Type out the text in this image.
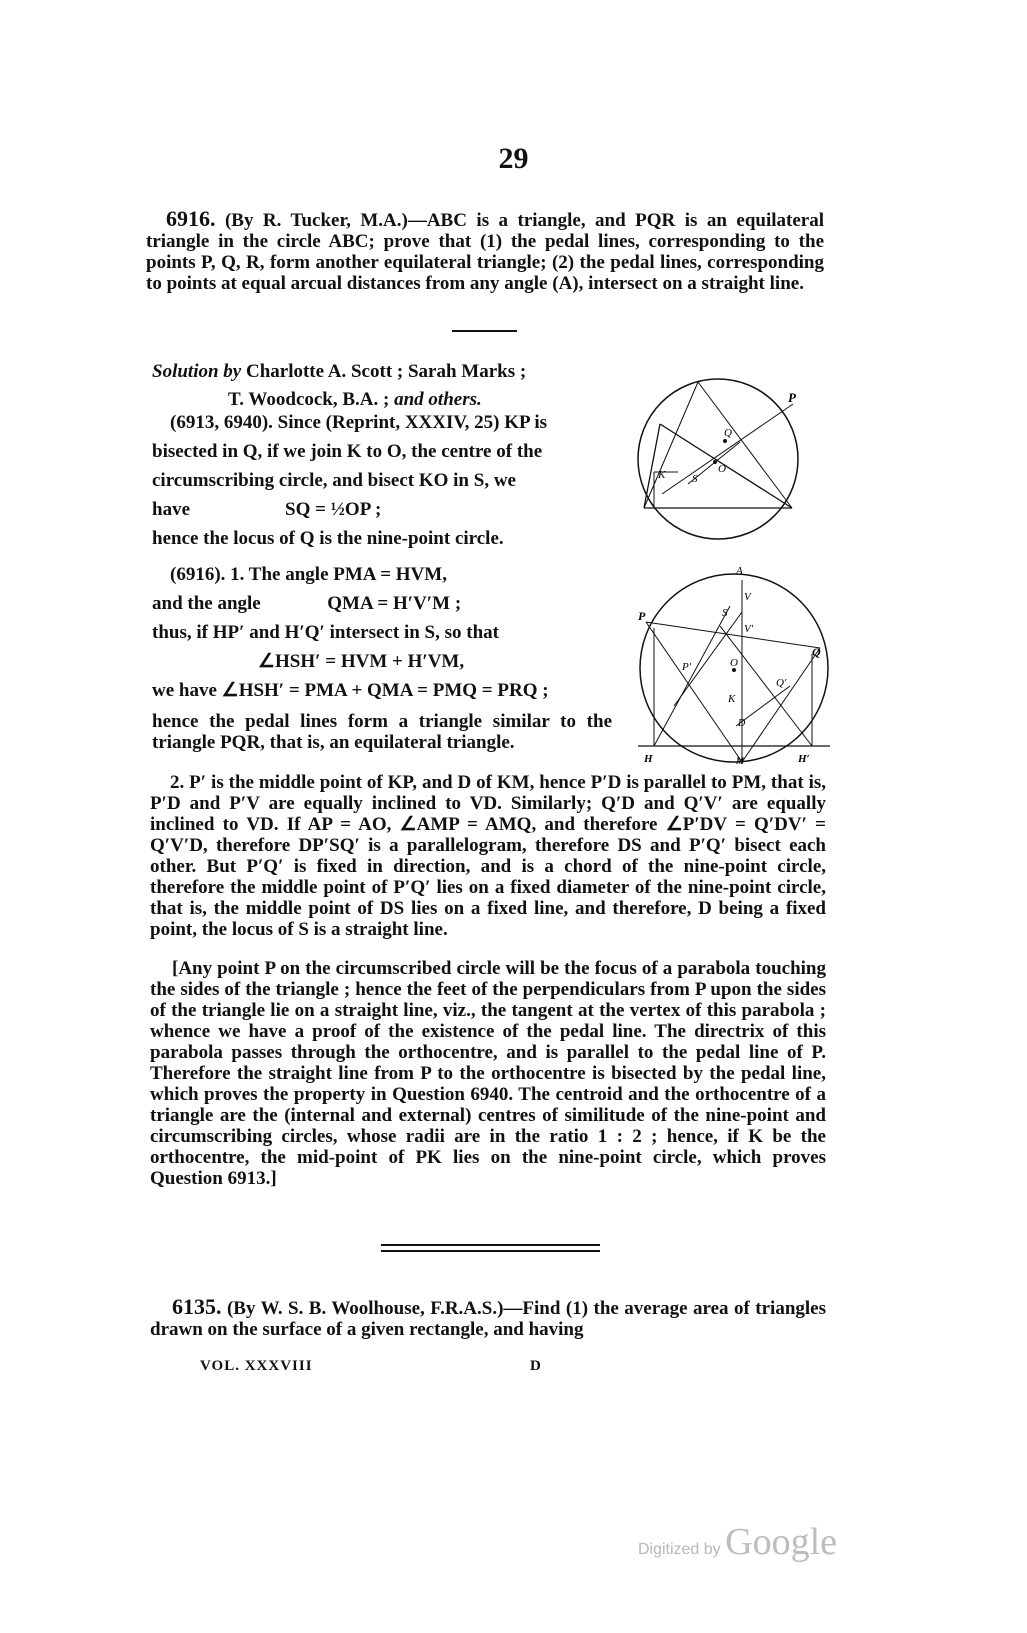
29

6916. (By R. Tucker, M.A.)—ABC is a triangle, and PQR is an equilateral triangle in the circle ABC; prove that (1) the pedal lines, corresponding to the points P, Q, R, form another equilateral triangle; (2) the pedal lines, corresponding to points at equal arcual distances from any angle (A), intersect on a straight line.

Solution by Charlotte A. Scott ; Sarah Marks ;
T. Woodcock, B.A. ; and others.
(6913, 6940). Since (Reprint, XXXIV, 25) KP is
bisected in Q, if we join K to O, the centre of the
circumscribing circle, and bisect KO in S, we
have                    SQ = ½OP ;
hence the locus of Q is the nine-point circle.
(6916). 1. The angle PMA = HVM,
and the angle              QMA = H′V′M ;
thus, if HP′ and H′Q′ intersect in S, so that
∠HSH′ = HVM + H′VM,
we have ∠HSH′ = PMA + QMA = PMQ = PRQ ;

hence the pedal lines form a triangle similar to the triangle PQR, that is, an equilateral triangle.

P
Q
K S
O
A
P
Q
S
V
V′
P′
Q′
O
K
D
H	H′
M

2. P′ is the middle point of KP, and D of KM, hence P′D is parallel to PM, that is, P′D and P′V are equally inclined to VD. Similarly; Q′D and Q′V′ are equally inclined to VD. If AP = AO, ∠AMP = AMQ, and therefore ∠P′DV = Q′DV′ = Q′V′D, therefore DP′SQ′ is a parallelogram, therefore DS and P′Q′ bisect each other. But P′Q′ is fixed in direction, and is a chord of the nine-point circle, therefore the middle point of P′Q′ lies on a fixed diameter of the nine-point circle, that is, the middle point of DS lies on a fixed line, and therefore, D being a fixed point, the locus of S is a straight line.

[Any point P on the circumscribed circle will be the focus of a parabola touching the sides of the triangle ; hence the feet of the perpendiculars from P upon the sides of the triangle lie on a straight line, viz., the tangent at the vertex of this parabola ; whence we have a proof of the existence of the pedal line. The directrix of this parabola passes through the orthocentre, and is parallel to the pedal line of P. Therefore the straight line from P to the orthocentre is bisected by the pedal line, which proves the property in Question 6940. The centroid and the orthocentre of a triangle are the (internal and external) centres of similitude of the nine-point and circumscribing circles, whose radii are in the ratio 1 : 2 ; hence, if K be the orthocentre, the mid-point of PK lies on the nine-point circle, which proves Question 6913.]

6135. (By W. S. B. Woolhouse, F.R.A.S.)—Find (1) the average area of triangles drawn on the surface of a given rectangle, and having

VOL. XXXVIII	D
Digitized by Google
